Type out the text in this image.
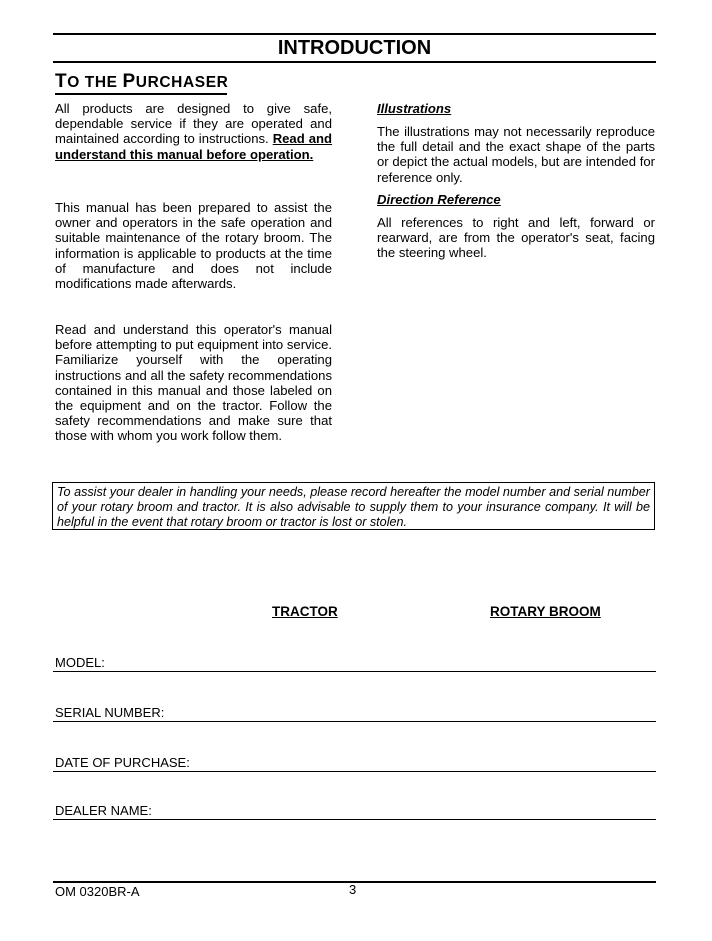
INTRODUCTION
TO THE PURCHASER

All products are designed to give safe, dependable service if they are operated and maintained according to instructions. Read and understand this manual before operation.

This manual has been prepared to assist the owner and operators in the safe operation and suitable maintenance of the rotary broom. The information is applicable to products at the time of manufacture and does not include modifications made afterwards.

Read and understand this operator's manual before attempting to put equipment into service. Familiarize yourself with the operating instructions and all the safety recommendations contained in this manual and those labeled on the equipment and on the tractor. Follow the safety recommendations and make sure that those with whom you work follow them.

Illustrations

The illustrations may not necessarily reproduce the full detail and the exact shape of the parts or depict the actual models, but are intended for reference only.

Direction Reference

All references to right and left, forward or rearward, are from the operator's seat, facing the steering wheel.

To assist your dealer in handling your needs, please record hereafter the model number and serial number of your rotary broom and tractor. It is also advisable to supply them to your insurance company. It will be helpful in the event that rotary broom or tractor is lost or stolen.

TRACTOR	ROTARY BROOM
MODEL:
SERIAL NUMBER:
DATE OF PURCHASE:
DEALER NAME:
OM 0320BR-A	3
